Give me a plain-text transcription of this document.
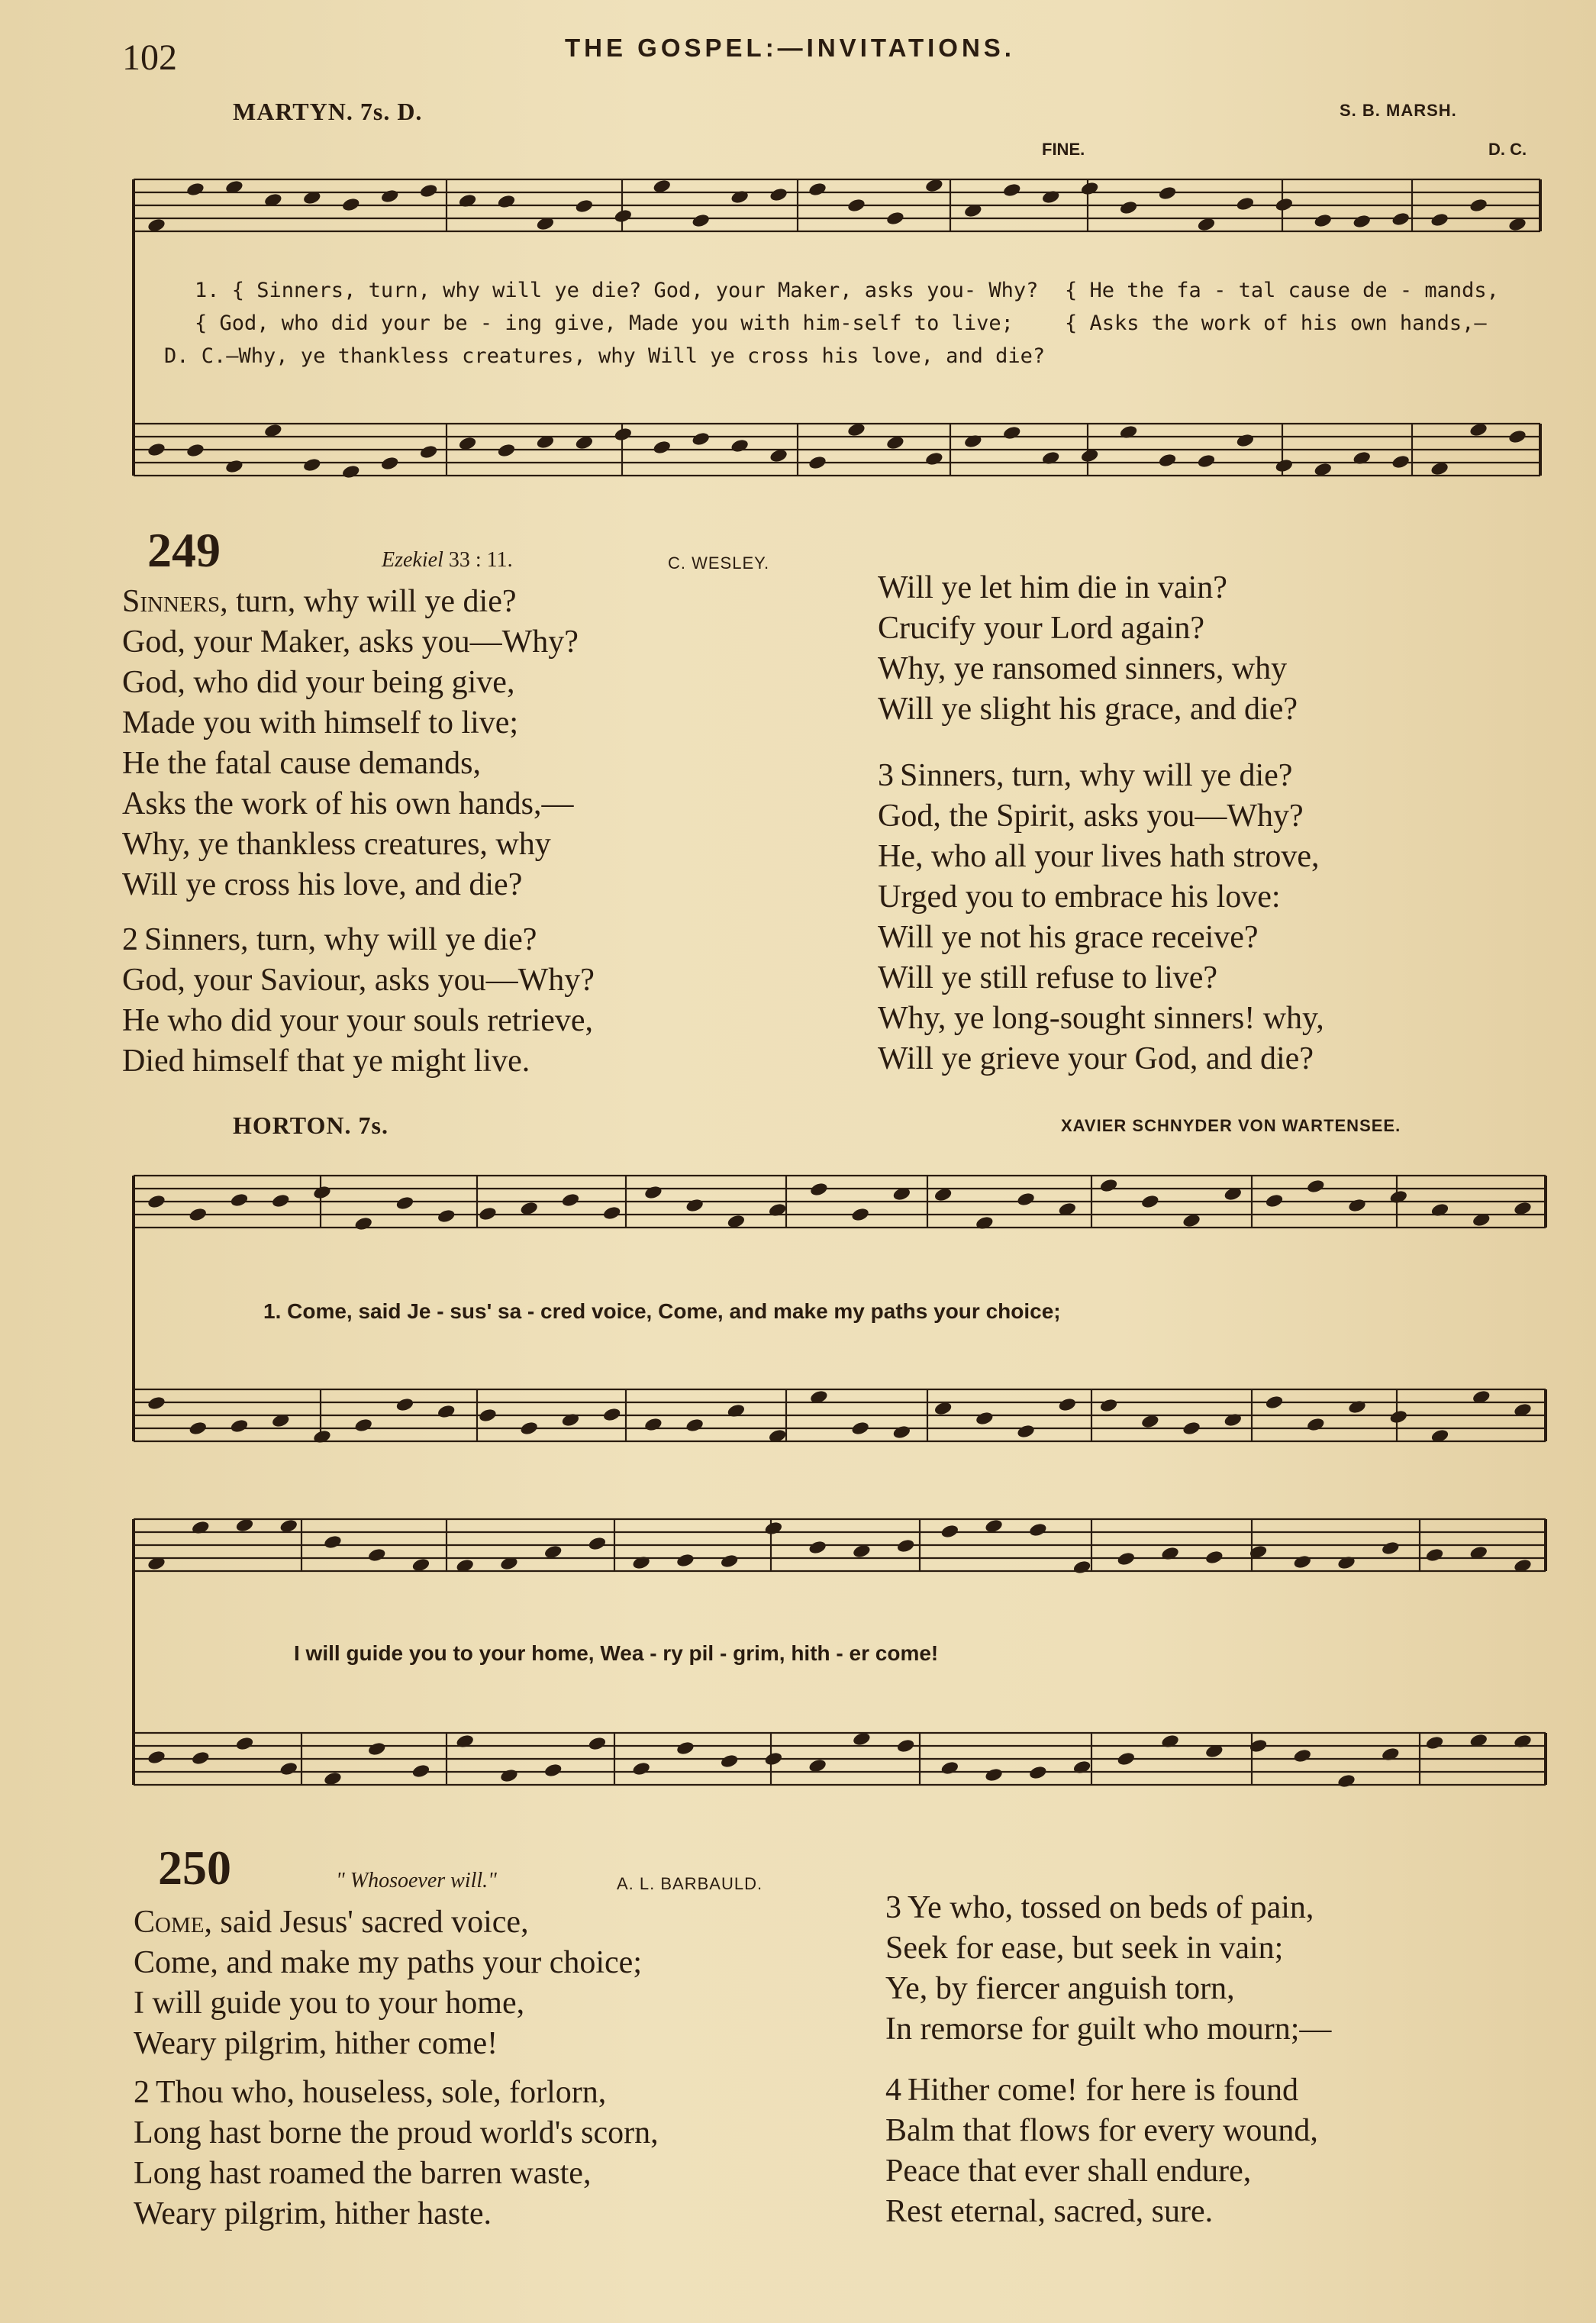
102	THE GOSPEL:—INVITATIONS.
MARTYN. 7s. D.	S. B. MARSH.
FINE.	D. C.
1. { Sinners, turn, why will ye die? God, your Maker, asks you- Why?
{ God, who did your be - ing give, Made you with him-self to live;
D. C.–Why, ye thankless creatures, why Will ye cross his love, and die?
{ He the fa - tal cause de - mands,
{ Asks the work of his own hands,–
249	Ezekiel 33 : 11.	C. WESLEY.
Sinners, turn, why will ye die?
God, your Maker, asks you—Why?
God, who did your being give,
Made you with himself to live;
He the fatal cause demands,
Asks the work of his own hands,—
Why, ye thankless creatures, why
Will ye cross his love, and die?
2 Sinners, turn, why will ye die?
God, your Saviour, asks you—Why?
He who did your your souls retrieve,
Died himself that ye might live.
Will ye let him die in vain?
Crucify your Lord again?
Why, ye ransomed sinners, why
Will ye slight his grace, and die?
3 Sinners, turn, why will ye die?
God, the Spirit, asks you—Why?
He, who all your lives hath strove,
Urged you to embrace his love:
Will ye not his grace receive?
Will ye still refuse to live?
Why, ye long-sought sinners! why,
Will ye grieve your God, and die?
HORTON. 7s.	XAVIER SCHNYDER VON WARTENSEE.
1. Come, said Je - sus' sa - cred voice, Come, and make my paths your choice;
I will guide you to your home, Wea - ry pil - grim, hith - er come!
250	" Whosoever will."	A. L. BARBAULD.
Come, said Jesus' sacred voice,
Come, and make my paths your choice;
I will guide you to your home,
Weary pilgrim, hither come!
2 Thou who, houseless, sole, forlorn,
Long hast borne the proud world's scorn,
Long hast roamed the barren waste,
Weary pilgrim, hither haste.
3 Ye who, tossed on beds of pain,
Seek for ease, but seek in vain;
Ye, by fiercer anguish torn,
In remorse for guilt who mourn;—
4 Hither come! for here is found
Balm that flows for every wound,
Peace that ever shall endure,
Rest eternal, sacred, sure.
